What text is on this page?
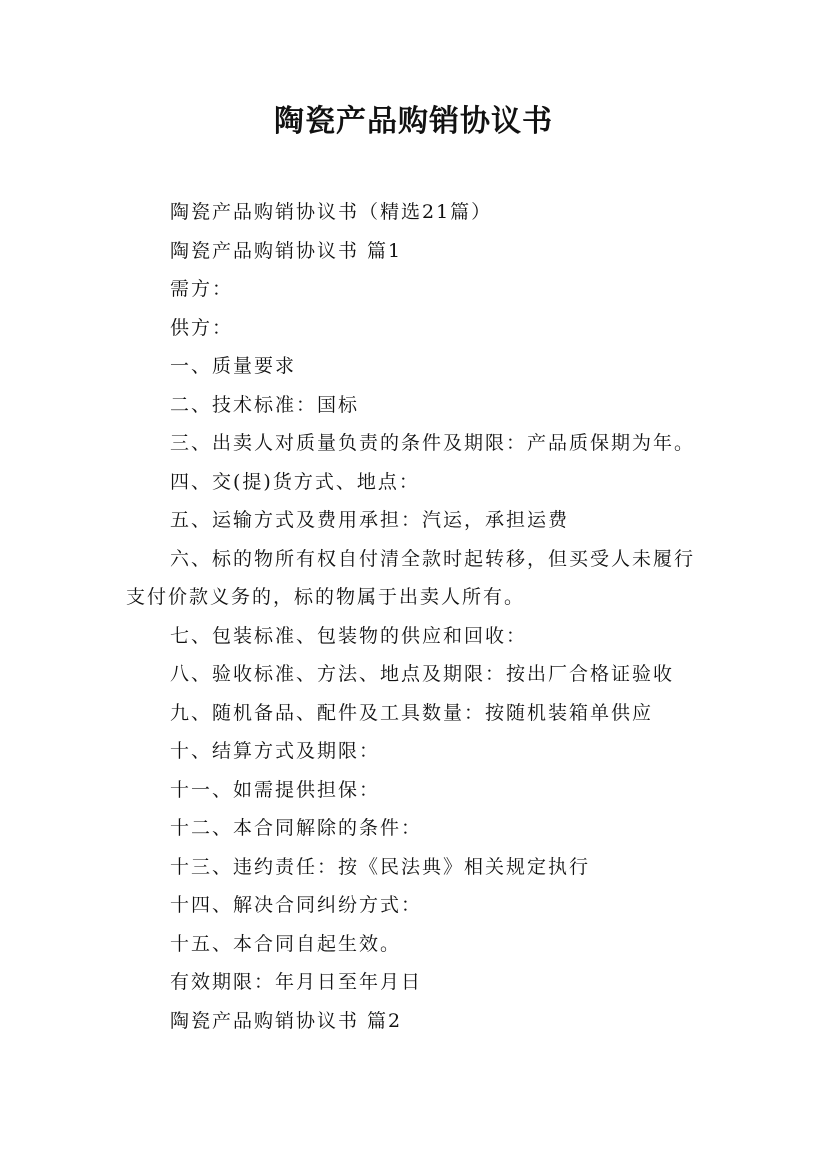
陶瓷产品购销协议书

陶瓷产品购销协议书（精选21篇）

陶瓷产品购销协议书 篇1

需方：

供方：

一、质量要求

二、技术标准：国标

三、出卖人对质量负责的条件及期限：产品质保期为年。

四、交(提)货方式、地点：

五、运输方式及费用承担：汽运，承担运费

六、标的物所有权自付清全款时起转移，但买受人未履行支付价款义务的，标的物属于出卖人所有。

七、包装标准、包装物的供应和回收：

八、验收标准、方法、地点及期限：按出厂合格证验收

九、随机备品、配件及工具数量：按随机装箱单供应

十、结算方式及期限：

十一、如需提供担保：

十二、本合同解除的条件：

十三、违约责任：按《民法典》相关规定执行

十四、解决合同纠纷方式：

十五、本合同自起生效。

有效期限：年月日至年月日

陶瓷产品购销协议书 篇2
